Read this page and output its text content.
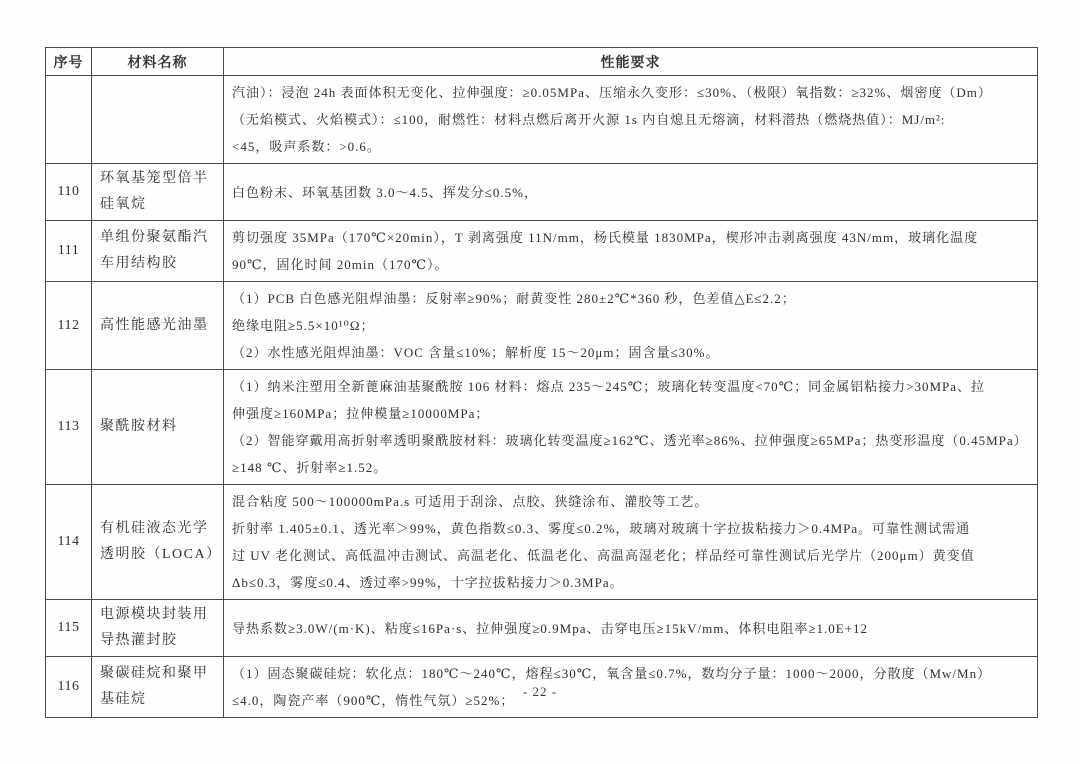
序号	材料名称	性能要求

		汽油）：浸泡 24h 表面体积无变化、拉伸强度：≥0.05MPa、压缩永久变形：≤30%、（极限）氧指数：≥32%、烟密度（Dm）
（无焰模式、火焰模式）：≤100，耐燃性：材料点燃后离开火源 1s 内自熄且无熔滴，材料潜热（燃烧热值）：MJ/m²:
<45，吸声系数：>0.6。

110	环氧基笼型倍半硅氧烷	白色粉末、环氧基团数 3.0～4.5、挥发分≤0.5%，

111	单组份聚氨酯汽车用结构胶	剪切强度 35MPa（170℃×20min），T 剥离强度 11N/mm，杨氏模量 1830MPa，楔形冲击剥离强度 43N/mm，玻璃化温度
90℃，固化时间 20min（170℃）。

112	高性能感光油墨	（1）PCB 白色感光阻焊油墨：反射率≥90%；耐黄变性 280±2℃*360 秒，色差值△E≤2.2；
绝缘电阻≥5.5×10¹⁰Ω；
（2）水性感光阻焊油墨：VOC 含量≤10%；解析度 15～20μm；固含量≤30%。

113	聚酰胺材料	（1）纳米注塑用全新蓖麻油基聚酰胺 106 材料：熔点 235～245℃；玻璃化转变温度<70℃；同金属铝粘接力>30MPa、拉
伸强度≥160MPa；拉伸模量≥10000MPa；
（2）智能穿戴用高折射率透明聚酰胺材料：玻璃化转变温度≥162℃、透光率≥86%、拉伸强度≥65MPa；热变形温度（0.45MPa）
≥148 ℃、折射率≥1.52。

114	有机硅液态光学透明胶（LOCA）	混合粘度 500～100000mPa.s 可适用于刮涂、点胶、狭缝涂布、灌胶等工艺。
折射率 1.405±0.1、透光率＞99%，黄色指数≤0.3、雾度≤0.2%，玻璃对玻璃十字拉拔粘接力＞0.4MPa。可靠性测试需通
过 UV 老化测试、高低温冲击测试、高温老化、低温老化、高温高湿老化；样品经可靠性测试后光学片（200μm）黄变值
Δb≤0.3，雾度≤0.4、透过率>99%，十字拉拔粘接力＞0.3MPa。

115	电源模块封装用导热灌封胶	导热系数≥3.0W/(m·K)、粘度≤16Pa·s、拉伸强度≥0.9Mpa、击穿电压≥15kV/mm、体积电阻率≥1.0E+12

116	聚碳硅烷和聚甲基硅烷	（1）固态聚碳硅烷：软化点：180℃～240℃，熔程≤30℃，氧含量≤0.7%，数均分子量：1000～2000，分散度（Mw/Mn）
≤4.0，陶瓷产率（900℃，惰性气氛）≥52%；
- 22 -
